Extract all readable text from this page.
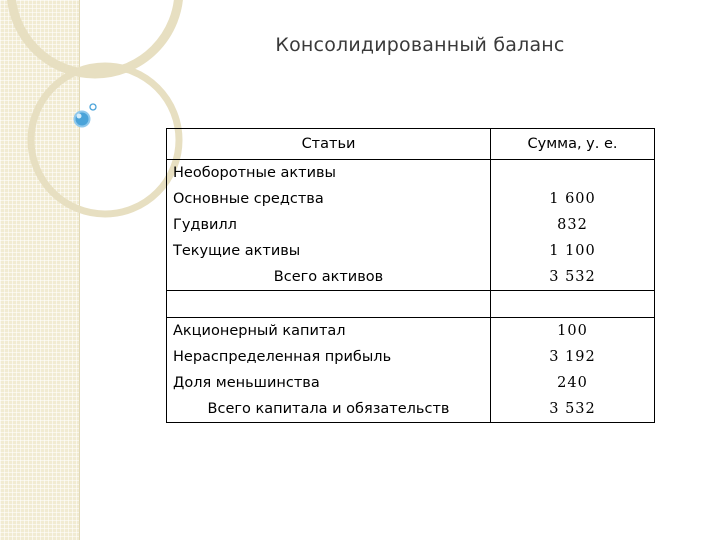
Консолидированный баланс
Статьи	Сумма, у. е.
Необоротные активы	
Основные средства	1 600
Гудвилл	832
Текущие активы	1 100
Всего активов	3 532

Акционерный капитал	100
Нераспределенная прибыль	3 192
Доля меньшинства	240
Всего капитала и обязательств	3 532
